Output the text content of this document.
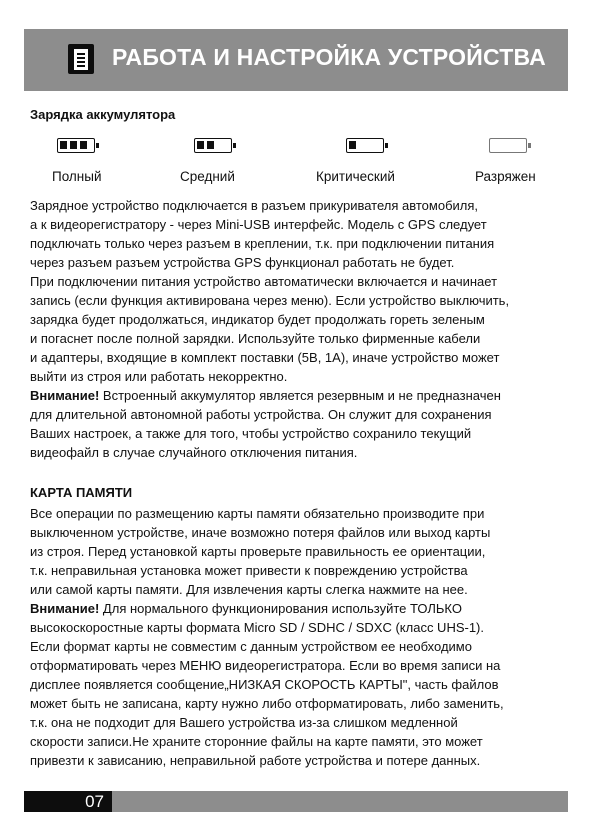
РАБОТА И НАСТРОЙКА УСТРОЙСТВА
Зарядка аккумулятора
Полный	Средний	Критический	Разряжен

Зарядное устройство подключается в разъем прикуривателя автомобиля,

а к видеорегистратору - через Mini-USB интерфейс. Модель с GPS следует

подключать только через разъем в креплении, т.к. при подключении питания

через разъем разъем устройства GPS функционал работать не будет.

При подключении питания устройство автоматически включается и начинает

запись (если функция активирована через меню). Если устройство выключить,

зарядка будет продолжаться, индикатор будет продолжать гореть зеленым

и погаснет после полной зарядки. Используйте только фирменные кабели

и адаптеры, входящие в комплект поставки (5В, 1А), иначе устройство может

выйти из строя или работать некорректно.

Внимание! Встроенный аккумулятор является резервным и не предназначен

для длительной автономной работы устройства. Он служит для сохранения

Ваших настроек, а также для того, чтобы устройство сохранило текущий

видеофайл в случае случайного отключения питания.

КАРТА ПАМЯТИ

Все операции по размещению карты памяти обязательно производите при

выключенном устройстве, иначе возможно потеря файлов или выход карты

из строя. Перед установкой карты проверьте правильность ее ориентации,

т.к. неправильная установка может привести к повреждению устройства

или самой карты памяти. Для извлечения карты слегка нажмите на нее.

Внимание! Для нормального функционирования используйте ТОЛЬКО

высокоскоростные карты формата Micro SD / SDHC / SDXC (класс UHS-1).

Если формат карты не совместим с данным устройством ее необходимо

отформатировать через МЕНЮ видеорегистратора. Если во время записи на

дисплее появляется сообщение„НИЗКАЯ СКОРОСТЬ КАРТЫ", часть файлов

может быть не записана, карту нужно либо отформатировать, либо заменить,

т.к. она не подходит для Вашего устройства из-за слишком медленной

скорости записи.Не храните сторонние файлы на карте памяти, это может

привезти к зависанию, неправильной работе устройства и потере данных.

07
